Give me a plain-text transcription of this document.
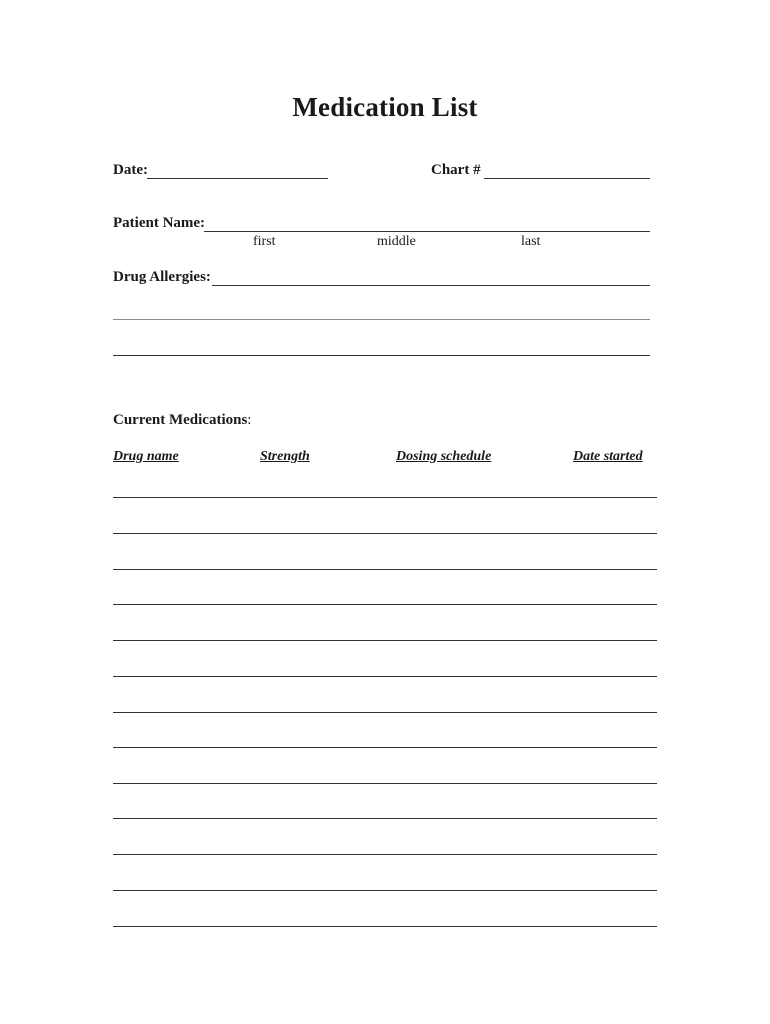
Medication List
Date:	Chart #
Patient Name:
first	middle	last
Drug Allergies:
Current Medications:
Drug name	Strength	Dosing schedule	Date started
